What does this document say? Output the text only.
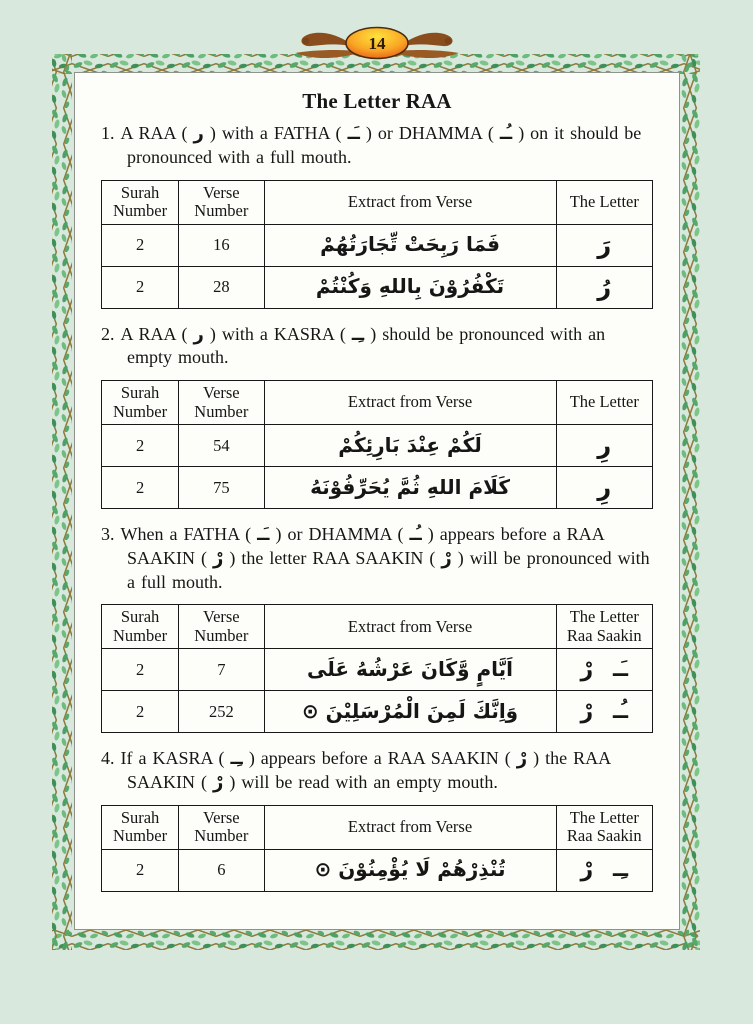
14
The Letter RAA

1. A RAA ( ر ) with a FATHA ( ـَـ ) or DHAMMA ( ـُـ ) on it should be pronounced with a full mouth.

Surah Number	Verse Number	Extract from Verse	The Letter
2	16	فَمَا رَبِحَتْ تِّجَارَتُهُمْ	رَ
2	28	تَكْفُرُوْنَ بِاللهِ وَكُنْتُمْ	رُ

2. A RAA ( ر ) with a KASRA ( ـِـ ) should be pronounced with an empty mouth.

Surah Number	Verse Number	Extract from Verse	The Letter
2	54	لَكُمْ عِنْدَ بَارِئِكُمْ	رِ
2	75	كَلَامَ اللهِ ثُمَّ يُحَرِّفُوْنَهُ	رِ

3. When a FATHA ( ـَـ ) or DHAMMA ( ـُـ ) appears before a RAA SAAKIN ( رْ ) the letter RAA SAAKIN ( رْ ) will be pronounced with a full mouth.

Surah Number	Verse Number	Extract from Verse	The Letter Raa Saakin
2	7	اَيَّامٍ وَّكَانَ عَرْشُهُ عَلَى	رْ ـَـ

2	252	وَاِنَّكَ لَمِنَ الْمُرْسَلِيْنَ ⊙	رْ ـُـ

4. If a KASRA ( ـِـ ) appears before a RAA SAAKIN ( رْ ) the RAA SAAKIN ( رْ ) will be read with an empty mouth.

Surah Number	Verse Number	Extract from Verse	The Letter Raa Saakin
2	6	تُنْذِرْهُمْ لَا يُؤْمِنُوْنَ ⊙	رْ ـِـ
